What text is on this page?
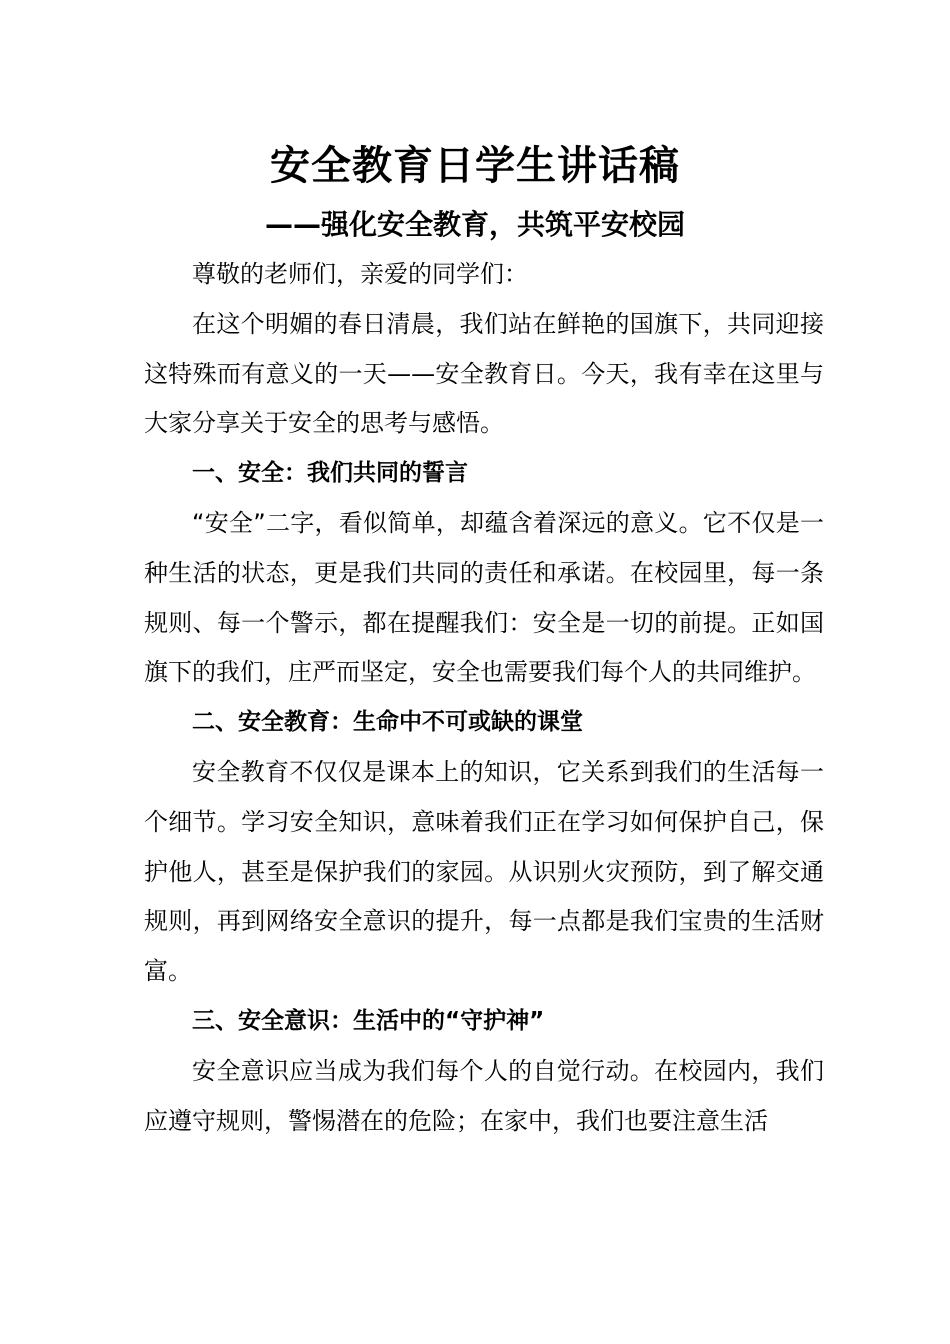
安全教育日学生讲话稿
——强化安全教育，共筑平安校园

尊敬的老师们，亲爱的同学们：

在这个明媚的春日清晨，我们站在鲜艳的国旗下，共同迎接这特殊而有意义的一天——安全教育日。今天，我有幸在这里与大家分享关于安全的思考与感悟。

一、安全：我们共同的誓言

“安全”二字，看似简单，却蕴含着深远的意义。它不仅是一种生活的状态，更是我们共同的责任和承诺。在校园里，每一条规则、每一个警示，都在提醒我们：安全是一切的前提。正如国旗下的我们，庄严而坚定，安全也需要我们每个人的共同维护。

二、安全教育：生命中不可或缺的课堂

安全教育不仅仅是课本上的知识，它关系到我们的生活每一个细节。学习安全知识，意味着我们正在学习如何保护自己，保护他人，甚至是保护我们的家园。从识别火灾预防，到了解交通规则，再到网络安全意识的提升，每一点都是我们宝贵的生活财富。

三、安全意识：生活中的“守护神”

安全意识应当成为我们每个人的自觉行动。在校园内，我们应遵守规则，警惕潜在的危险；在家中，我们也要注意生活
